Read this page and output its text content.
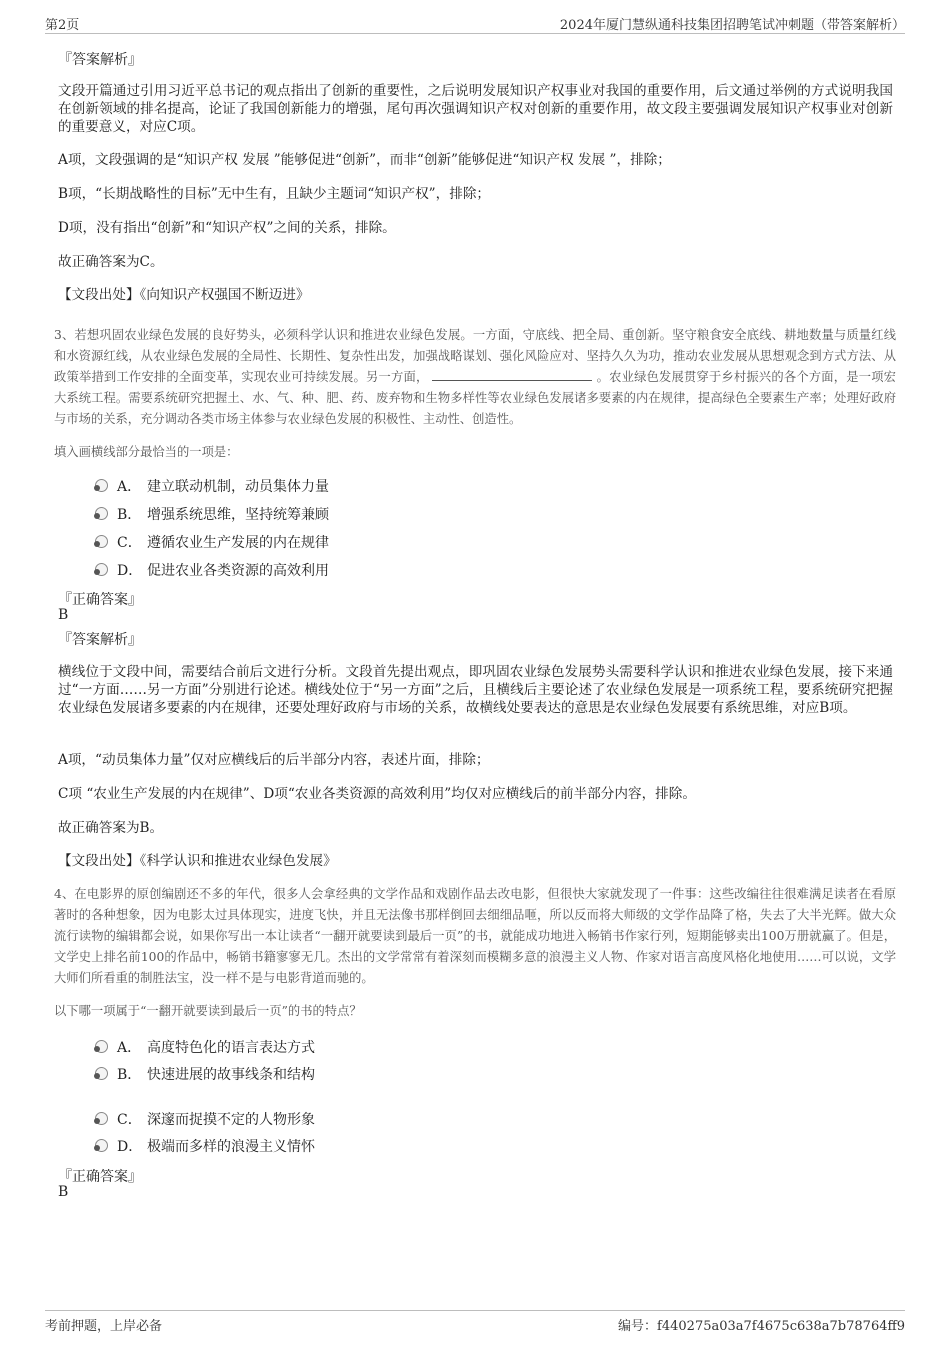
第2页	2024年厦门慧纵通科技集团招聘笔试冲刺题（带答案解析）
『答案解析』
文段开篇通过引用习近平总书记的观点指出了创新的重要性，之后说明发展知识产权事业对我国的重要作用，后文通过举例的方式说明我国在创新领域的排名提高，论证了我国创新能力的增强，尾句再次强调知识产权对创新的重要作用，故文段主要强调发展知识产权事业对创新的重要意义，对应C项。
A项，文段强调的是“知识产权 发展 ”能够促进“创新”，而非“创新”能够促进“知识产权 发展 ”，排除；
B项，“长期战略性的目标”无中生有，且缺少主题词“知识产权”，排除；
D项，没有指出“创新”和“知识产权”之间的关系，排除。
故正确答案为C。
【文段出处】《向知识产权强国不断迈进》
3、若想巩固农业绿色发展的良好势头，必须科学认识和推进农业绿色发展。一方面，守底线、把全局、重创新。坚守粮食安全底线、耕地数量与质量红线和水资源红线，从农业绿色发展的全局性、长期性、复杂性出发，加强战略谋划、强化风险应对、坚持久久为功，推动农业发展从思想观念到方式方法、从政策举措到工作安排的全面变革，实现农业可持续发展。另一方面，	。农业绿色发展贯穿于乡村振兴的各个方面，是一项宏大系统工程。需要系统研究把握土、水、气、种、肥、药、废弃物和生物多样性等农业绿色发展诸多要素的内在规律，提高绿色全要素生产率；处理好政府与市场的关系，充分调动各类市场主体参与农业绿色发展的积极性、主动性、创造性。
填入画横线部分最恰当的一项是：
A． 建立联动机制，动员集体力量
B． 增强系统思维，坚持统筹兼顾
C． 遵循农业生产发展的内在规律
D． 促进农业各类资源的高效利用
『正确答案』
B
『答案解析』
横线位于文段中间，需要结合前后文进行分析。文段首先提出观点，即巩固农业绿色发展势头需要科学认识和推进农业绿色发展，接下来通过“一方面……另一方面”分别进行论述。横线处位于“另一方面”之后，且横线后主要论述了农业绿色发展是一项系统工程，要系统研究把握农业绿色发展诸多要素的内在规律，还要处理好政府与市场的关系，故横线处要表达的意思是农业绿色发展要有系统思维，对应B项。
A项，“动员集体力量”仅对应横线后的后半部分内容，表述片面，排除；
C项 “农业生产发展的内在规律”、D项“农业各类资源的高效利用”均仅对应横线后的前半部分内容，排除。
故正确答案为B。
【文段出处】《科学认识和推进农业绿色发展》
4、在电影界的原创编剧还不多的年代，很多人会拿经典的文学作品和戏剧作品去改电影，但很快大家就发现了一件事：这些改编往往很难满足读者在看原著时的各种想象，因为电影太过具体现实，进度飞快，并且无法像书那样倒回去细细品咂，所以反而将大师级的文学作品降了格，失去了大半光辉。做大众流行读物的编辑都会说，如果你写出一本让读者“一翻开就要读到最后一页”的书，就能成功地进入畅销书作家行列，短期能够卖出100万册就赢了。但是，文学史上排名前100的作品中，畅销书籍寥寥无几。杰出的文学常常有着深刻而模糊多意的浪漫主义人物、作家对语言高度风格化地使用……可以说，文学大师们所看重的制胜法宝，没一样不是与电影背道而驰的。
以下哪一项属于“一翻开就要读到最后一页”的书的特点？
A． 高度特色化的语言表达方式
B． 快速进展的故事线条和结构
C． 深邃而捉摸不定的人物形象
D． 极端而多样的浪漫主义情怀
『正确答案』
B
考前押题，上岸必备	编号：f440275a03a7f4675c638a7b78764ff9
